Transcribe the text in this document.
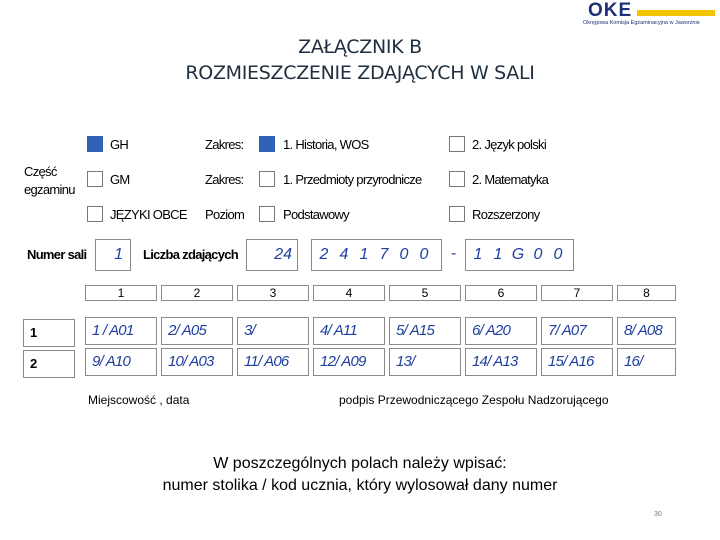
OKE
Okręgowa Komisja Egzaminacyjna w Jaworznie
ZAŁĄCZNIK B
ROZMIESZCZENIE ZDAJĄCYCH W SALI
Część egzaminu
GH	Zakres:	1. Historia, WOS	2. Język polski
GM	Zakres:	1. Przedmioty przyrodnicze	2. Matematyka
JĘZYKI OBCE Poziom	Podstawowy	Rozszerzony
Numer sali 1 Liczba zdających 24	2 4 1 7 0 0	-	1 1 G 0 0
1	2	3	4	5	6	7	8
1	1 / A01	2/ A05	3/	4/ A11	5/ A15	6/ A20	7/ A07	8/ A08
2	9/ A10	10/ A03	11/ A06	12/ A09	13/	14/ A13	15/ A16	16/
Miejscowość , data	podpis Przewodniczącego Zespołu Nadzorującego
W poszczególnych polach należy wpisać:
numer stolika / kod ucznia, który wylosował dany numer
30
